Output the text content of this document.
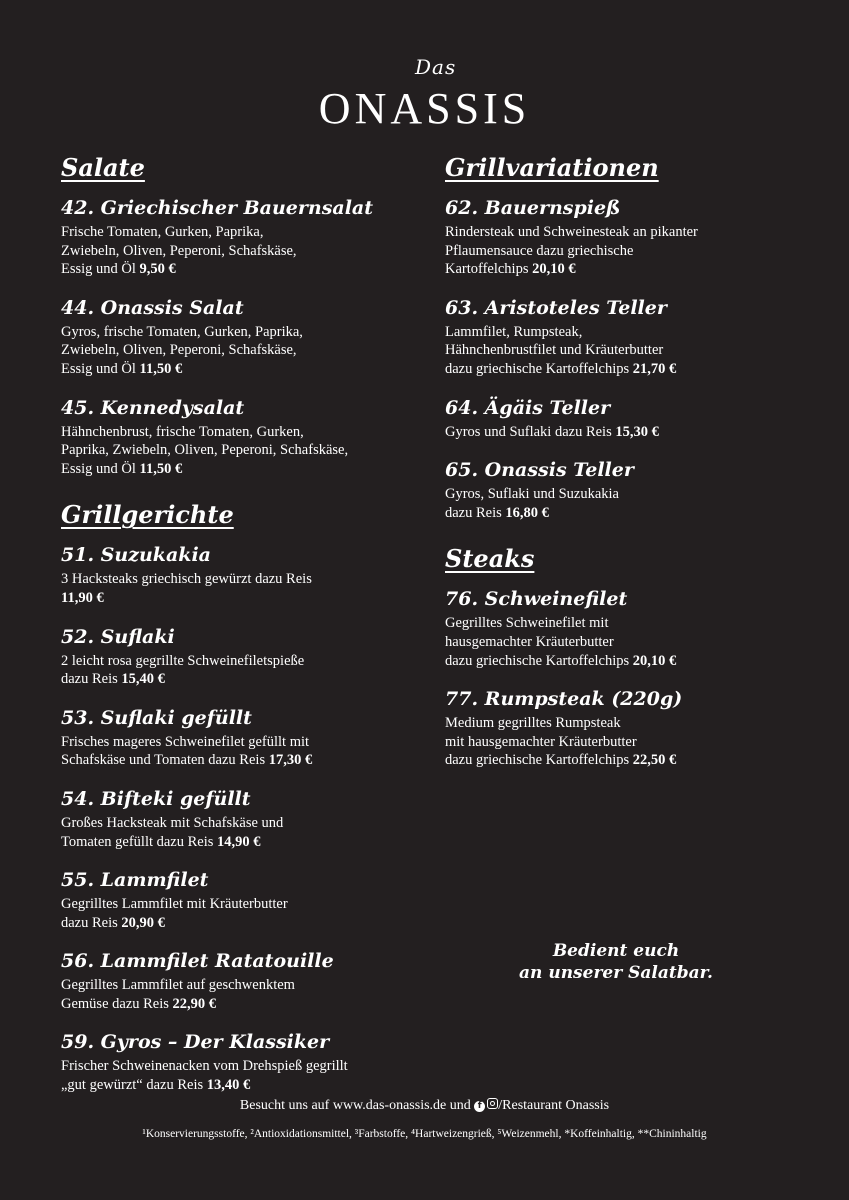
Das
ONASSIS
Salate
42. Griechischer Bauernsalat
Frische Tomaten, Gurken, Paprika,
Zwiebeln, Oliven, Peperoni, Schafskäse,
Essig und Öl 9,50 €
44. Onassis Salat
Gyros, frische Tomaten, Gurken, Paprika,
Zwiebeln, Oliven, Peperoni, Schafskäse,
Essig und Öl 11,50 €
45. Kennedysalat
Hähnchenbrust, frische Tomaten, Gurken,
Paprika, Zwiebeln, Oliven, Peperoni, Schafskäse,
Essig und Öl 11,50 €
Grillgerichte
51. Suzukakia
3 Hacksteaks griechisch gewürzt dazu Reis
11,90 €
52. Suflaki
2 leicht rosa gegrillte Schweinefiletspieße
dazu Reis 15,40 €
53. Suflaki gefüllt
Frisches mageres Schweinefilet gefüllt mit
Schafskäse und Tomaten dazu Reis 17,30 €
54. Bifteki gefüllt
Großes Hacksteak mit Schafskäse und
Tomaten gefüllt dazu Reis 14,90 €
55. Lammfilet
Gegrilltes Lammfilet mit Kräuterbutter
dazu Reis 20,90 €
56. Lammfilet Ratatouille
Gegrilltes Lammfilet auf geschwenktem
Gemüse dazu Reis 22,90 €
59. Gyros – Der Klassiker
Frischer Schweinenacken vom Drehspieß gegrillt
„gut gewürzt“ dazu Reis 13,40 €
Grillvariationen
62. Bauernspieß
Rindersteak und Schweinesteak an pikanter
Pflaumensauce dazu griechische
Kartoffelchips 20,10 €
63. Aristoteles Teller
Lammfilet, Rumpsteak,
Hähnchenbrustfilet und Kräuterbutter
dazu griechische Kartoffelchips 21,70 €
64. Ägäis Teller
Gyros und Suflaki dazu Reis 15,30 €
65. Onassis Teller
Gyros, Suflaki und Suzukakia
dazu Reis 16,80 €
Steaks
76. Schweinefilet
Gegrilltes Schweinefilet mit
hausgemachter Kräuterbutter
dazu griechische Kartoffelchips 20,10 €
77. Rumpsteak (220g)
Medium gegrilltes Rumpsteak
mit hausgemachter Kräuterbutter
dazu griechische Kartoffelchips 22,50 €
Bedient euch
an unserer Salatbar.
Besucht uns auf www.das-onassis.de und f /Restaurant Onassis
¹Konservierungsstoffe, ²Antioxidationsmittel, ³Farbstoffe, ⁴Hartweizengrieß, ⁵Weizenmehl, *Koffeinhaltig, **Chininhaltig
